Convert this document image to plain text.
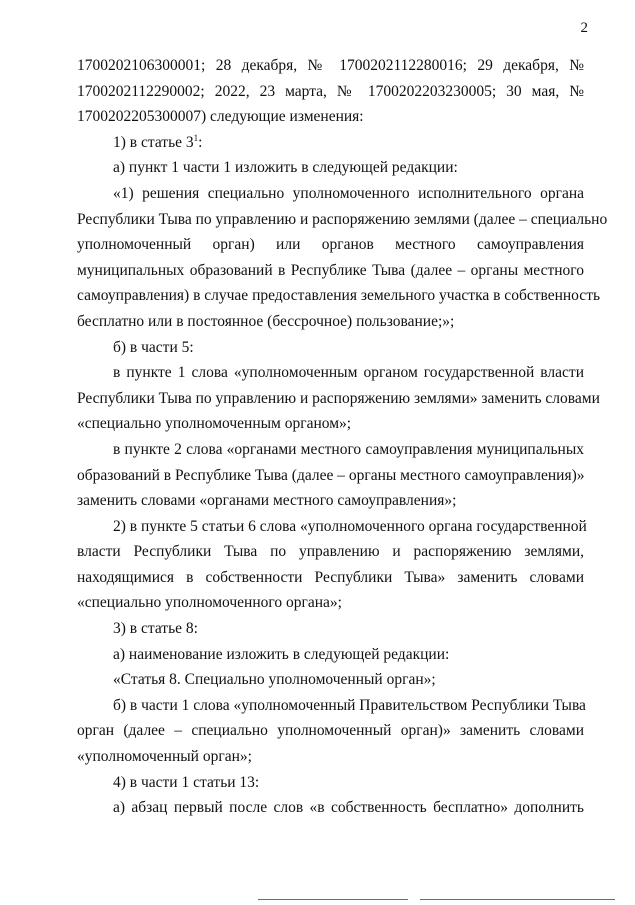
2
1700202106300001; 28 декабря, № 1700202112280016; 29 декабря, №
1700202112290002; 2022, 23 марта, № 1700202203230005; 30 мая, №
1700202205300007) следующие изменения:
1) в статье $3^1$:
а) пункт 1 части 1 изложить в следующей редакции:
«1) решения специально уполномоченного исполнительного органа
Республики Тыва по управлению и распоряжению землями (далее – специально
уполномоченный орган) или органов местного самоуправления
муниципальных образований в Республике Тыва (далее – органы местного
самоуправления) в случае предоставления земельного участка в собственность
бесплатно или в постоянное (бессрочное) пользование;»;
б) в части 5:
в пункте 1 слова «уполномоченным органом государственной власти
Республики Тыва по управлению и распоряжению землями» заменить словами
«специально уполномоченным органом»;
в пункте 2 слова «органами местного самоуправления муниципальных
образований в Республике Тыва (далее – органы местного самоуправления)»
заменить словами «органами местного самоуправления»;
2) в пункте 5 статьи 6 слова «уполномоченного органа государственной
власти Республики Тыва по управлению и распоряжению землями,
находящимися в собственности Республики Тыва» заменить словами
«специально уполномоченного органа»;
3) в статье 8:
а) наименование изложить в следующей редакции:
«Статья 8. Специально уполномоченный орган»;
б) в части 1 слова «уполномоченный Правительством Республики Тыва
орган (далее – специально уполномоченный орган)» заменить словами
«уполномоченный орган»;
4) в части 1 статьи 13:
а) абзац первый после слов «в собственность бесплатно» дополнить
